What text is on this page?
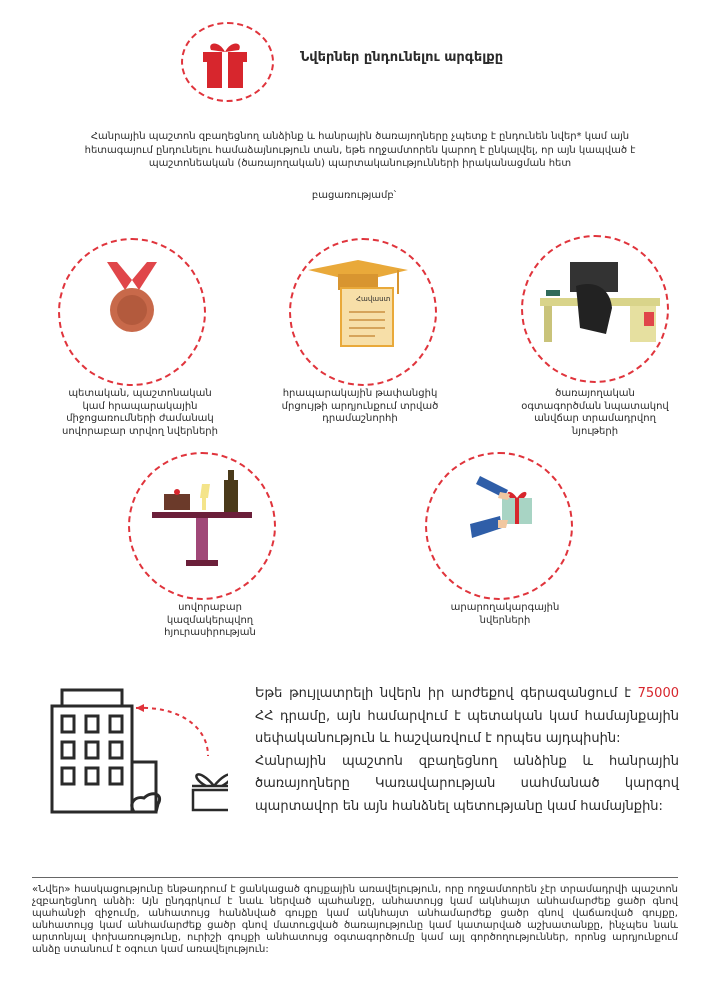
Նվերներ ընդունելու արգելքը
Հանրային պաշտոն զբաղեցնող անձինք և հանրային ծառայողները չպետք է ընդունեն նվեր* կամ այն հետագայում ընդունելու համաձայնություն տան, եթե ողջամտորեն կարող է ընկալվել, որ այն կապված է պաշտոնեական (ծառայողական) պարտականությունների իրականացման հետ
բացառությամբ՝
պետական, պաշտոնական կամ հրապարակային միջոցառումների ժամանակ սովորաբար տրվող նվերների
Հավաստ
հրապարակային թափանցիկ մրցույթի արդյունքում տրված դրամաշնորհի
ծառայողական օգտագործման նպատակով անվճար տրամադրվող նյութերի
սովորաբար կազմակերպվող հյուրասիրության
արարողակարգային նվերների
Եթե թույլատրելի նվերն իր արժեքով գերազանցում է 75000 ՀՀ դրամը, այն համարվում է պետական կամ համայնքային սեփականություն և հաշվառվում է որպես այդպիսին:
Հանրային պաշտոն զբաղեցնող անձինք և հանրային ծառայողները Կառավարության սահմանած կարգով պարտավոր են այն հանձնել պետությանը կամ համայնքին:
«Նվեր» հասկացությունը ենթադրում է ցանկացած գույքային առավելություն, որը ողջամտորեն չէր տրամադրվի պաշտոն չզբաղեցնող անձի: Այն ընդգրկում է նաև ներված պահանջը, անհատույց կամ ակնհայտ անհամարժեք ցածր գնով պահանջի զիջումը, անհատույց հանձնված գույքը կամ ակնհայտ անհամարժեք ցածր գնով վաճառված գույքը, անհատույց կամ անհամարժեք ցածր գնով մատուցված ծառայությունը կամ կատարված աշխատանքը, ինչպես նաև արտոնյալ փոխառությունը, ուրիշի գույքի անհատույց օգտագործումը կամ այլ գործողություններ, որոնց արդյունքում անձը ստանում է օգուտ կամ առավելություն:
